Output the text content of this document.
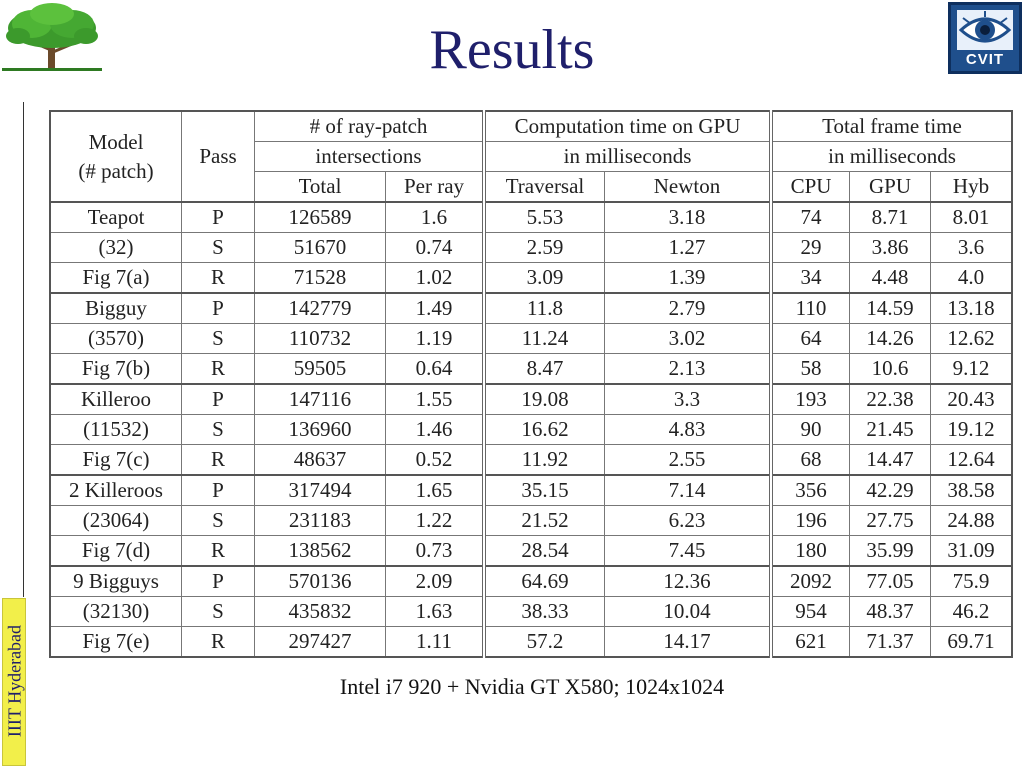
Results	CVIT
IIIT Hyderabad
Model
(# patch)	Pass	# of ray-patch		Computation time on GPU		Total frame time		
		intersections		in milliseconds		in milliseconds		
		Total	Per ray	Traversal	Newton	CPU	GPU	Hyb
Teapot	P	126589	1.6	5.53	3.18	74	8.71	8.01
(32)	S	51670	0.74	2.59	1.27	29	3.86	3.6
Fig 7(a)	R	71528	1.02	3.09	1.39	34	4.48	4.0
Bigguy	P	142779	1.49	11.8	2.79	110	14.59	13.18
(3570)	S	110732	1.19	11.24	3.02	64	14.26	12.62
Fig 7(b)	R	59505	0.64	8.47	2.13	58	10.6	9.12
Killeroo	P	147116	1.55	19.08	3.3	193	22.38	20.43
(11532)	S	136960	1.46	16.62	4.83	90	21.45	19.12
Fig 7(c)	R	48637	0.52	11.92	2.55	68	14.47	12.64
2 Killeroos	P	317494	1.65	35.15	7.14	356	42.29	38.58
(23064)	S	231183	1.22	21.52	6.23	196	27.75	24.88
Fig 7(d)	R	138562	0.73	28.54	7.45	180	35.99	31.09
9 Bigguys	P	570136	2.09	64.69	12.36	2092	77.05	75.9
(32130)	S	435832	1.63	38.33	10.04	954	48.37	46.2
Fig 7(e)	R	297427	1.11	57.2	14.17	621	71.37	69.71
Intel i7 920 + Nvidia GT X580; 1024x1024
